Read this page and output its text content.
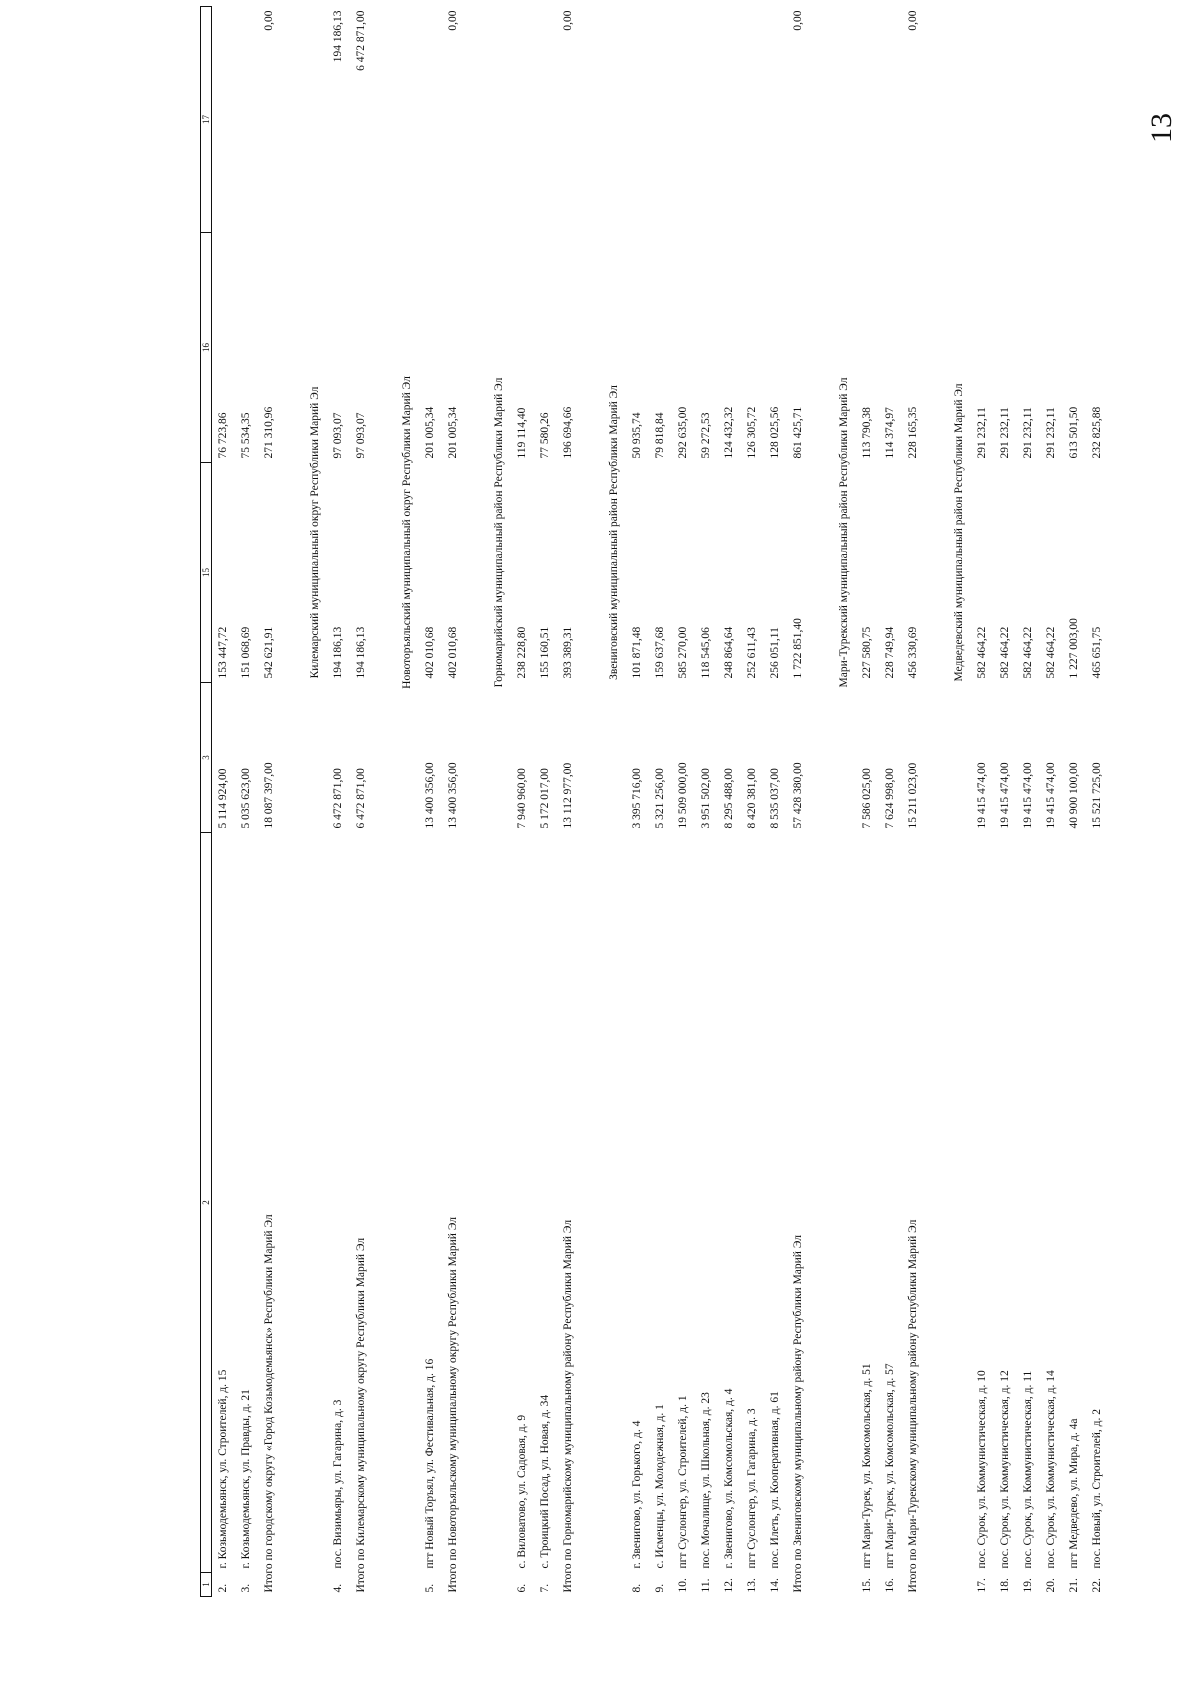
13
1	2	3	15	16	17
2.	г. Козьмодемьянск, ул. Строителей, д. 15	5 114 924,00	153 447,72	76 723,86	
3.	г. Козьмодемьянск, ул. Правды, д. 21	5 035 623,00	151 068,69	75 534,35	
Итого по городскому округу «Город Козьмодемьянск» Республики Марий Эл		18 087 397,00	542 621,91	271 310,96	0,00

		Килемарский муниципальный округ Республики Марий Эл			
4.	пос. Визимьяры, ул. Гагарина, д. 3	6 472 871,00	194 186,13	97 093,07	194 186,13
Итого по Килемарскому муниципальному округу Республики Марий Эл		6 472 871,00	194 186,13	97 093,07	6 472 871,00

		Новоторъяльский муниципальный округ Республики Марий Эл			
5.	пгт Новый Торъял, ул. Фестивальная, д. 16	13 400 356,00	402 010,68	201 005,34	
Итого по Новоторъяльскому муниципальному округу Республики Марий Эл		13 400 356,00	402 010,68	201 005,34	0,00

		Горномарийский муниципальный район Республики Марий Эл			
6.	с. Виловатово, ул. Садовая, д. 9	7 940 960,00	238 228,80	119 114,40	
7.	с. Троицкий Посад, ул. Новая, д. 34	5 172 017,00	155 160,51	77 580,26	
Итого по Горномарийскому муниципальному району Республики Марий Эл		13 112 977,00	393 389,31	196 694,66	0,00

		Звениговский муниципальный район Республики Марий Эл			
8.	г. Звенигово, ул. Горького, д. 4	3 395 716,00	101 871,48	50 935,74	
9.	с. Исменцы, ул. Молодежная, д. 1	5 321 256,00	159 637,68	79 818,84	
10.	пгт Суслонгер, ул. Строителей, д. 1	19 509 000,00	585 270,00	292 635,00	
11.	пос. Мочалище, ул. Школьная, д. 23	3 951 502,00	118 545,06	59 272,53	
12.	г. Звенигово, ул. Комсомольская, д. 4	8 295 488,00	248 864,64	124 432,32	
13.	пгт Суслонгер, ул. Гагарина, д. 3	8 420 381,00	252 611,43	126 305,72	
14.	пос. Илеть, ул. Кооперативная, д. 61	8 535 037,00	256 051,11	128 025,56	
Итого по Звениговскому муниципальному району Республики Марий Эл		57 428 380,00	1 722 851,40	861 425,71	0,00

		Мари-Турекский муниципальный район Республики Марий Эл			
15.	пгт Мари-Турек, ул. Комсомольская, д. 51	7 586 025,00	227 580,75	113 790,38	
16.	пгт Мари-Турек, ул. Комсомольская, д. 57	7 624 998,00	228 749,94	114 374,97	
Итого по Мари-Турекскому муниципальному району Республики Марий Эл		15 211 023,00	456 330,69	228 165,35	0,00

		Медведевский муниципальный район Республики Марий Эл			
17.	пос. Сурок, ул. Коммунистическая, д. 10	19 415 474,00	582 464,22	291 232,11	
18.	пос. Сурок, ул. Коммунистическая, д. 12	19 415 474,00	582 464,22	291 232,11	
19.	пос. Сурок, ул. Коммунистическая, д. 11	19 415 474,00	582 464,22	291 232,11	
20.	пос. Сурок, ул. Коммунистическая, д. 14	19 415 474,00	582 464,22	291 232,11	
21.	пгт Медведево, ул. Мира, д. 4а	40 900 100,00	1 227 003,00	613 501,50	
22.	пос. Новый, ул. Строителей, д. 2	15 521 725,00	465 651,75	232 825,88	
